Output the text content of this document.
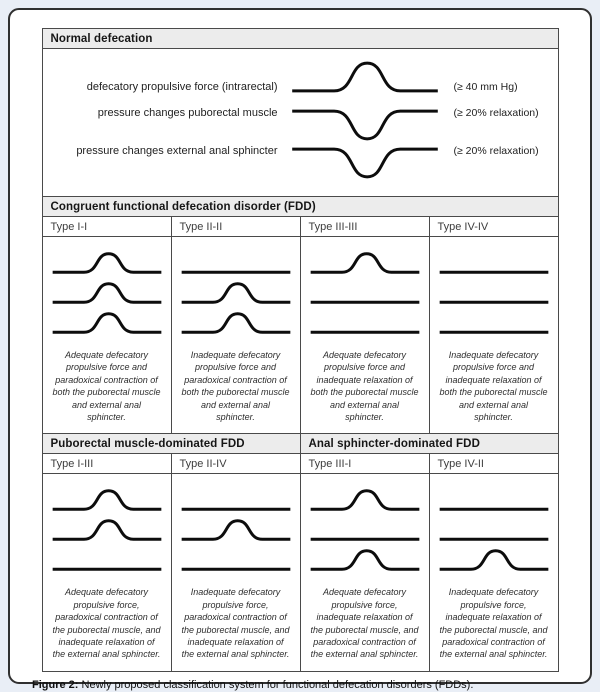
Normal defecation
defecatory propulsive force (intrarectal)	(≥ 40 mm Hg)
pressure changes puborectal muscle	(≥ 20% relaxation)
pressure changes external anal sphincter	(≥ 20% relaxation)
Congruent functional defecation disorder (FDD)
Type I-I
Adequate defecatory propulsive force and paradoxical contraction of both the puborectal muscle and external anal sphincter.
Type II-II
Inadequate defecatory propulsive force and paradoxical contraction of both the puborectal muscle and external anal sphincter.
Type III-III
Adequate defecatory propulsive force and inadequate relaxation of both the puborectal muscle and external anal sphincter.
Type IV-IV
Inadequate defecatory propulsive force and inadequate relaxation of both the puborectal muscle and external anal sphincter.
Puborectal muscle-dominated FDD
Type I-III
Adequate defecatory propulsive force, paradoxical contraction of the puborectal muscle, and inadequate relaxation of the external anal sphincter.
Type II-IV
Inadequate defecatory propulsive force, paradoxical contraction of the puborectal muscle, and inadequate relaxation of the external anal sphincter.
Anal sphincter-dominated FDD
Type III-I
Adequate defecatory propulsive force, inadequate relaxation of the puborectal muscle, and paradoxical contraction of the external anal sphincter.
Type IV-II
Inadequate defecatory propulsive force, inadequate relaxation of the puborectal muscle, and paradoxical contraction of the external anal sphincter.
Figure 2: Newly proposed classification system for functional defecation disorders (FDDs).
